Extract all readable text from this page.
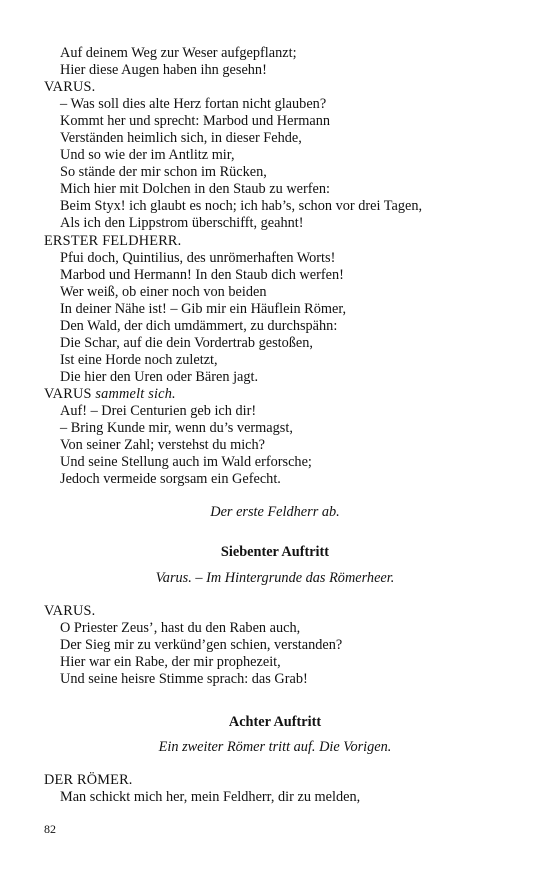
Auf deinem Weg zur Weser aufgepflanzt;
Hier diese Augen haben ihn gesehn!
VARUS.
– Was soll dies alte Herz fortan nicht glauben?
Kommt her und sprecht: Marbod und Hermann
Verständen heimlich sich, in dieser Fehde,
Und so wie der im Antlitz mir,
So stände der mir schon im Rücken,
Mich hier mit Dolchen in den Staub zu werfen:
Beim Styx! ich glaubt es noch; ich hab’s, schon vor drei Tagen,
Als ich den Lippstrom überschifft, geahnt!
ERSTER FELDHERR.
Pfui doch, Quintilius, des unrömerhaften Worts!
Marbod und Hermann! In den Staub dich werfen!
Wer weiß, ob einer noch von beiden
In deiner Nähe ist! – Gib mir ein Häuflein Römer,
Den Wald, der dich umdämmert, zu durchspähn:
Die Schar, auf die dein Vordertrab gestoßen,
Ist eine Horde noch zuletzt,
Die hier den Uren oder Bären jagt.
VARUS sammelt sich.
Auf! – Drei Centurien geb ich dir!
– Bring Kunde mir, wenn du’s vermagst,
Von seiner Zahl; verstehst du mich?
Und seine Stellung auch im Wald erforsche;
Jedoch vermeide sorgsam ein Gefecht.
Der erste Feldherr ab.
Siebenter Auftritt
Varus. – Im Hintergrunde das Römerheer.
VARUS.
O Priester Zeus’, hast du den Raben auch,
Der Sieg mir zu verkünd’gen schien, verstanden?
Hier war ein Rabe, der mir prophezeit,
Und seine heisre Stimme sprach: das Grab!
Achter Auftritt
Ein zweiter Römer tritt auf. Die Vorigen.
DER RÖMER.
Man schickt mich her, mein Feldherr, dir zu melden,
82
